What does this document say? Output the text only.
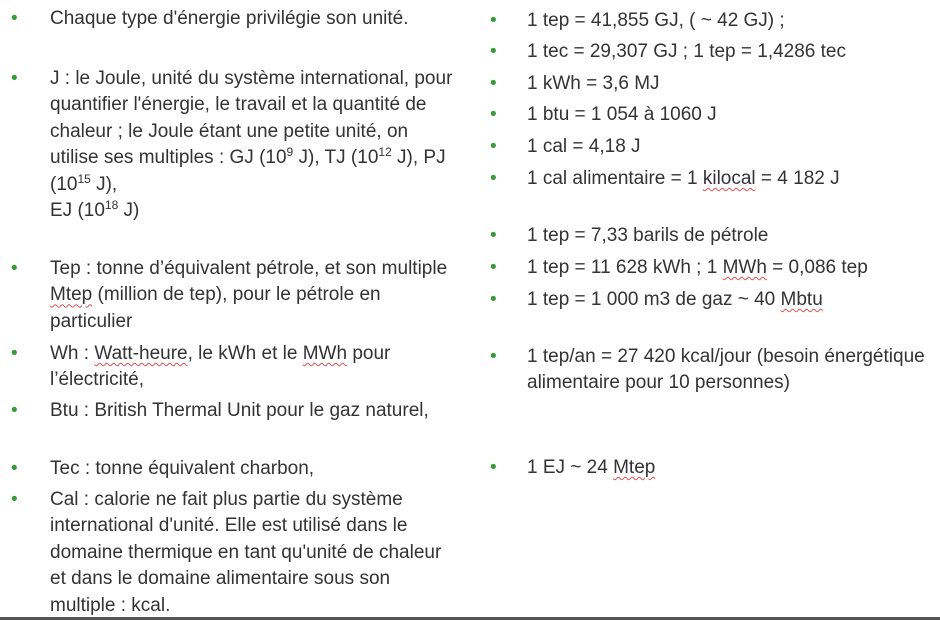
• Chaque type d'énergie privilégie son unité.
• J : le Joule, unité du système international, pour quantifier l'énergie, le travail et la quantité de chaleur ; le Joule étant une petite unité, on utilise ses multiples : GJ ($10^9$ J), TJ ($10^{12}$ J), PJ ($10^{15}$ J),
EJ ($10^{18}$ J)
• Tep : tonne d’équivalent pétrole, et son multiple Mtep (million de tep), pour le pétrole en particulier
• Wh : Watt-heure, le kWh et le MWh pour l’électricité,
• Btu : British Thermal Unit pour le gaz naturel,
• Tec : tonne équivalent charbon,
• Cal : calorie ne fait plus partie du système international d'unité. Elle est utilisé dans le domaine thermique en tant qu'unité de chaleur et dans le domaine alimentaire sous son multiple : kcal.
• 1 tep = 41,855 GJ, ( ~ 42 GJ) ;
• 1 tec = 29,307 GJ ; 1 tep = 1,4286 tec
• 1 kWh = 3,6 MJ
• 1 btu = 1 054 à 1060 J
• 1 cal = 4,18 J
• 1 cal alimentaire = 1 kilocal = 4 182 J
• 1 tep = 7,33 barils de pétrole
• 1 tep = 11 628 kWh ; 1 MWh = 0,086 tep
• 1 tep = 1 000 m3 de gaz ~ 40 Mbtu
• 1 tep/an = 27 420 kcal/jour (besoin énergétique alimentaire pour 10 personnes)
• 1 EJ ~ 24 Mtep
